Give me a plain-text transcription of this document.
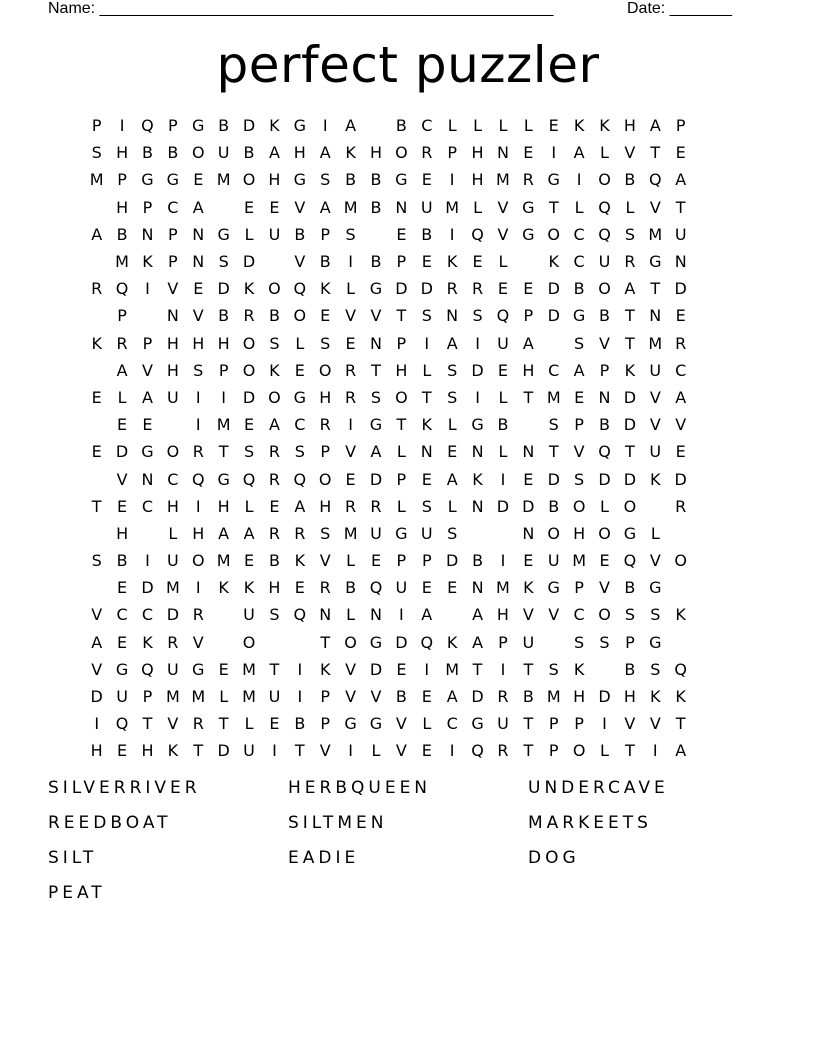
Name: ___________________________________________________	Date: _______
perfect puzzler
P	I	Q P G B D K G	I	A	B C L	L	L	L E K K H A P
S H B B O U B A H A K H O R P H N E	I	A L V T E
M P G G E M O H G S B B G E	I	H M R G	I	O B Q A
H P C A	E E V A M B N U M L V G T	L Q L V T
A B N P N G L U B P S	E B	I	Q V G O C Q S M U
M K P N S D	V B	I	B P E K E L	K C U R G N
R Q	I	V E D K O Q K L G D D R R E E D B O A T D
P	N V B R B O E V V T S N S Q P D G B T N E
K R P H H H O S L S E N P	I	A	I	U A	S V T M R
A V H S P O K E O R T H L S D E H C A P K U C
E L A U	I	I	D O G H R S O T S	I	L	T M E N D V A
E E	I	M E A C R	I	G T K L G B	S P B D V V
E D G O R T S R S P V A L N E N L N T V Q T U E
V N C Q G Q R Q O E D P E A K	I	E D S D D K D
T E C H	I	H L E A H R R L S L N D D B O L O	R
H	L H A A R R S M U G U S	N O H O G L
S B	I	U O M E B K V L E P P D B	I	E U M E Q V O
E D M	I	K K H E R B Q U E E N M K G P V B G
V C C D R	U S Q N L N	I	A	A H V V C O S S K
A E K R V	O	T O G D Q K A P U	S S P G
V G Q U G E M T	I	K V D E	I	M T	I	T S K	B S Q
D U P M M L M U	I	P V V B E A D R B M H D H K K
I	Q T V R T	L E B P G G V L C G U T P P	I	V V T
H E H K T D U	I	T V	I	L V E	I	Q R T P O L	T	I	A
SILVERRIVER	HERBQUEEN	UNDERCAVE
REEDBOAT	SILTMEN	MARKEETS
SILT	EADIE	DOG
PEAT
